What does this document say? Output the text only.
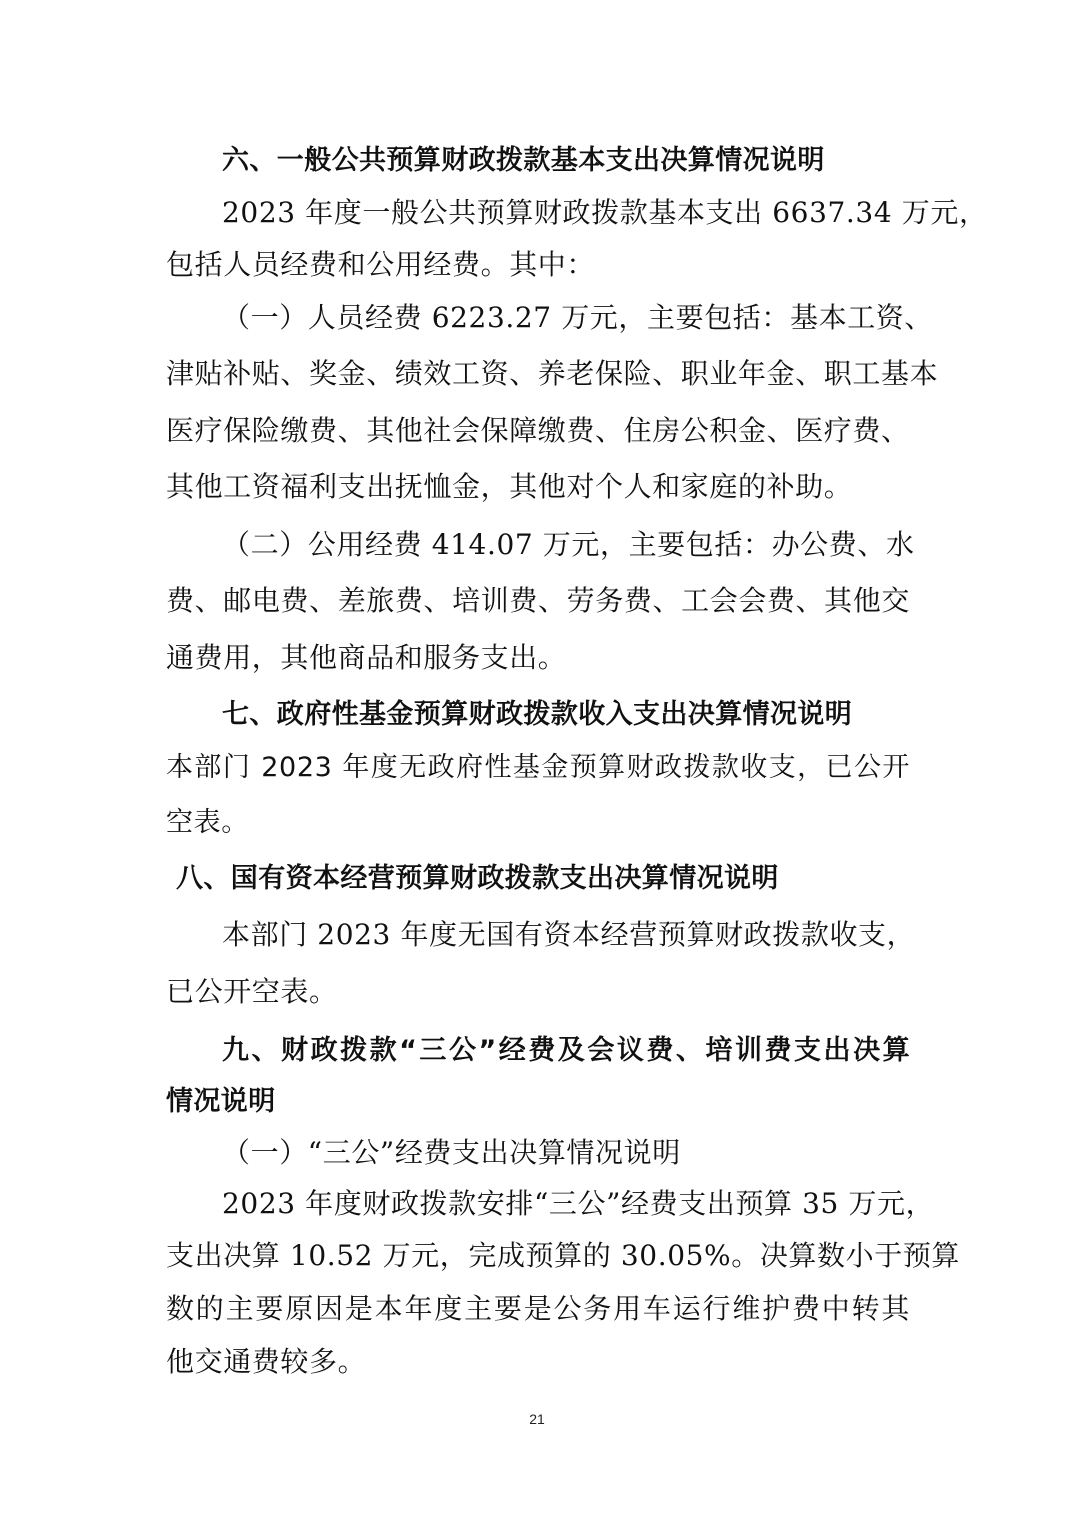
六、一般公共预算财政拨款基本支出决算情况说明
2023 年度一般公共预算财政拨款基本支出 6637.34 万元，
包括人员经费和公用经费。其中：
（一）人员经费 6223.27 万元，主要包括：基本工资、
津贴补贴、奖金、绩效工资、养老保险、职业年金、职工基本
医疗保险缴费、其他社会保障缴费、住房公积金、医疗费、
其他工资福利支出抚恤金，其他对个人和家庭的补助。
（二）公用经费 414.07 万元，主要包括：办公费、水
费、邮电费、差旅费、培训费、劳务费、工会会费、其他交
通费用，其他商品和服务支出。
七、政府性基金预算财政拨款收入支出决算情况说明
本部门 2023 年度无政府性基金预算财政拨款收支，已公开
空表。
八、国有资本经营预算财政拨款支出决算情况说明
本部门 2023 年度无国有资本经营预算财政拨款收支，
已公开空表。
九、财政拨款“三公”经费及会议费、培训费支出决算
情况说明
（一）“三公”经费支出决算情况说明
2023 年度财政拨款安排“三公”经费支出预算 35 万元，
支出决算 10.52 万元，完成预算的 30.05%。决算数小于预算
数的主要原因是本年度主要是公务用车运行维护费中转其
他交通费较多。
21
